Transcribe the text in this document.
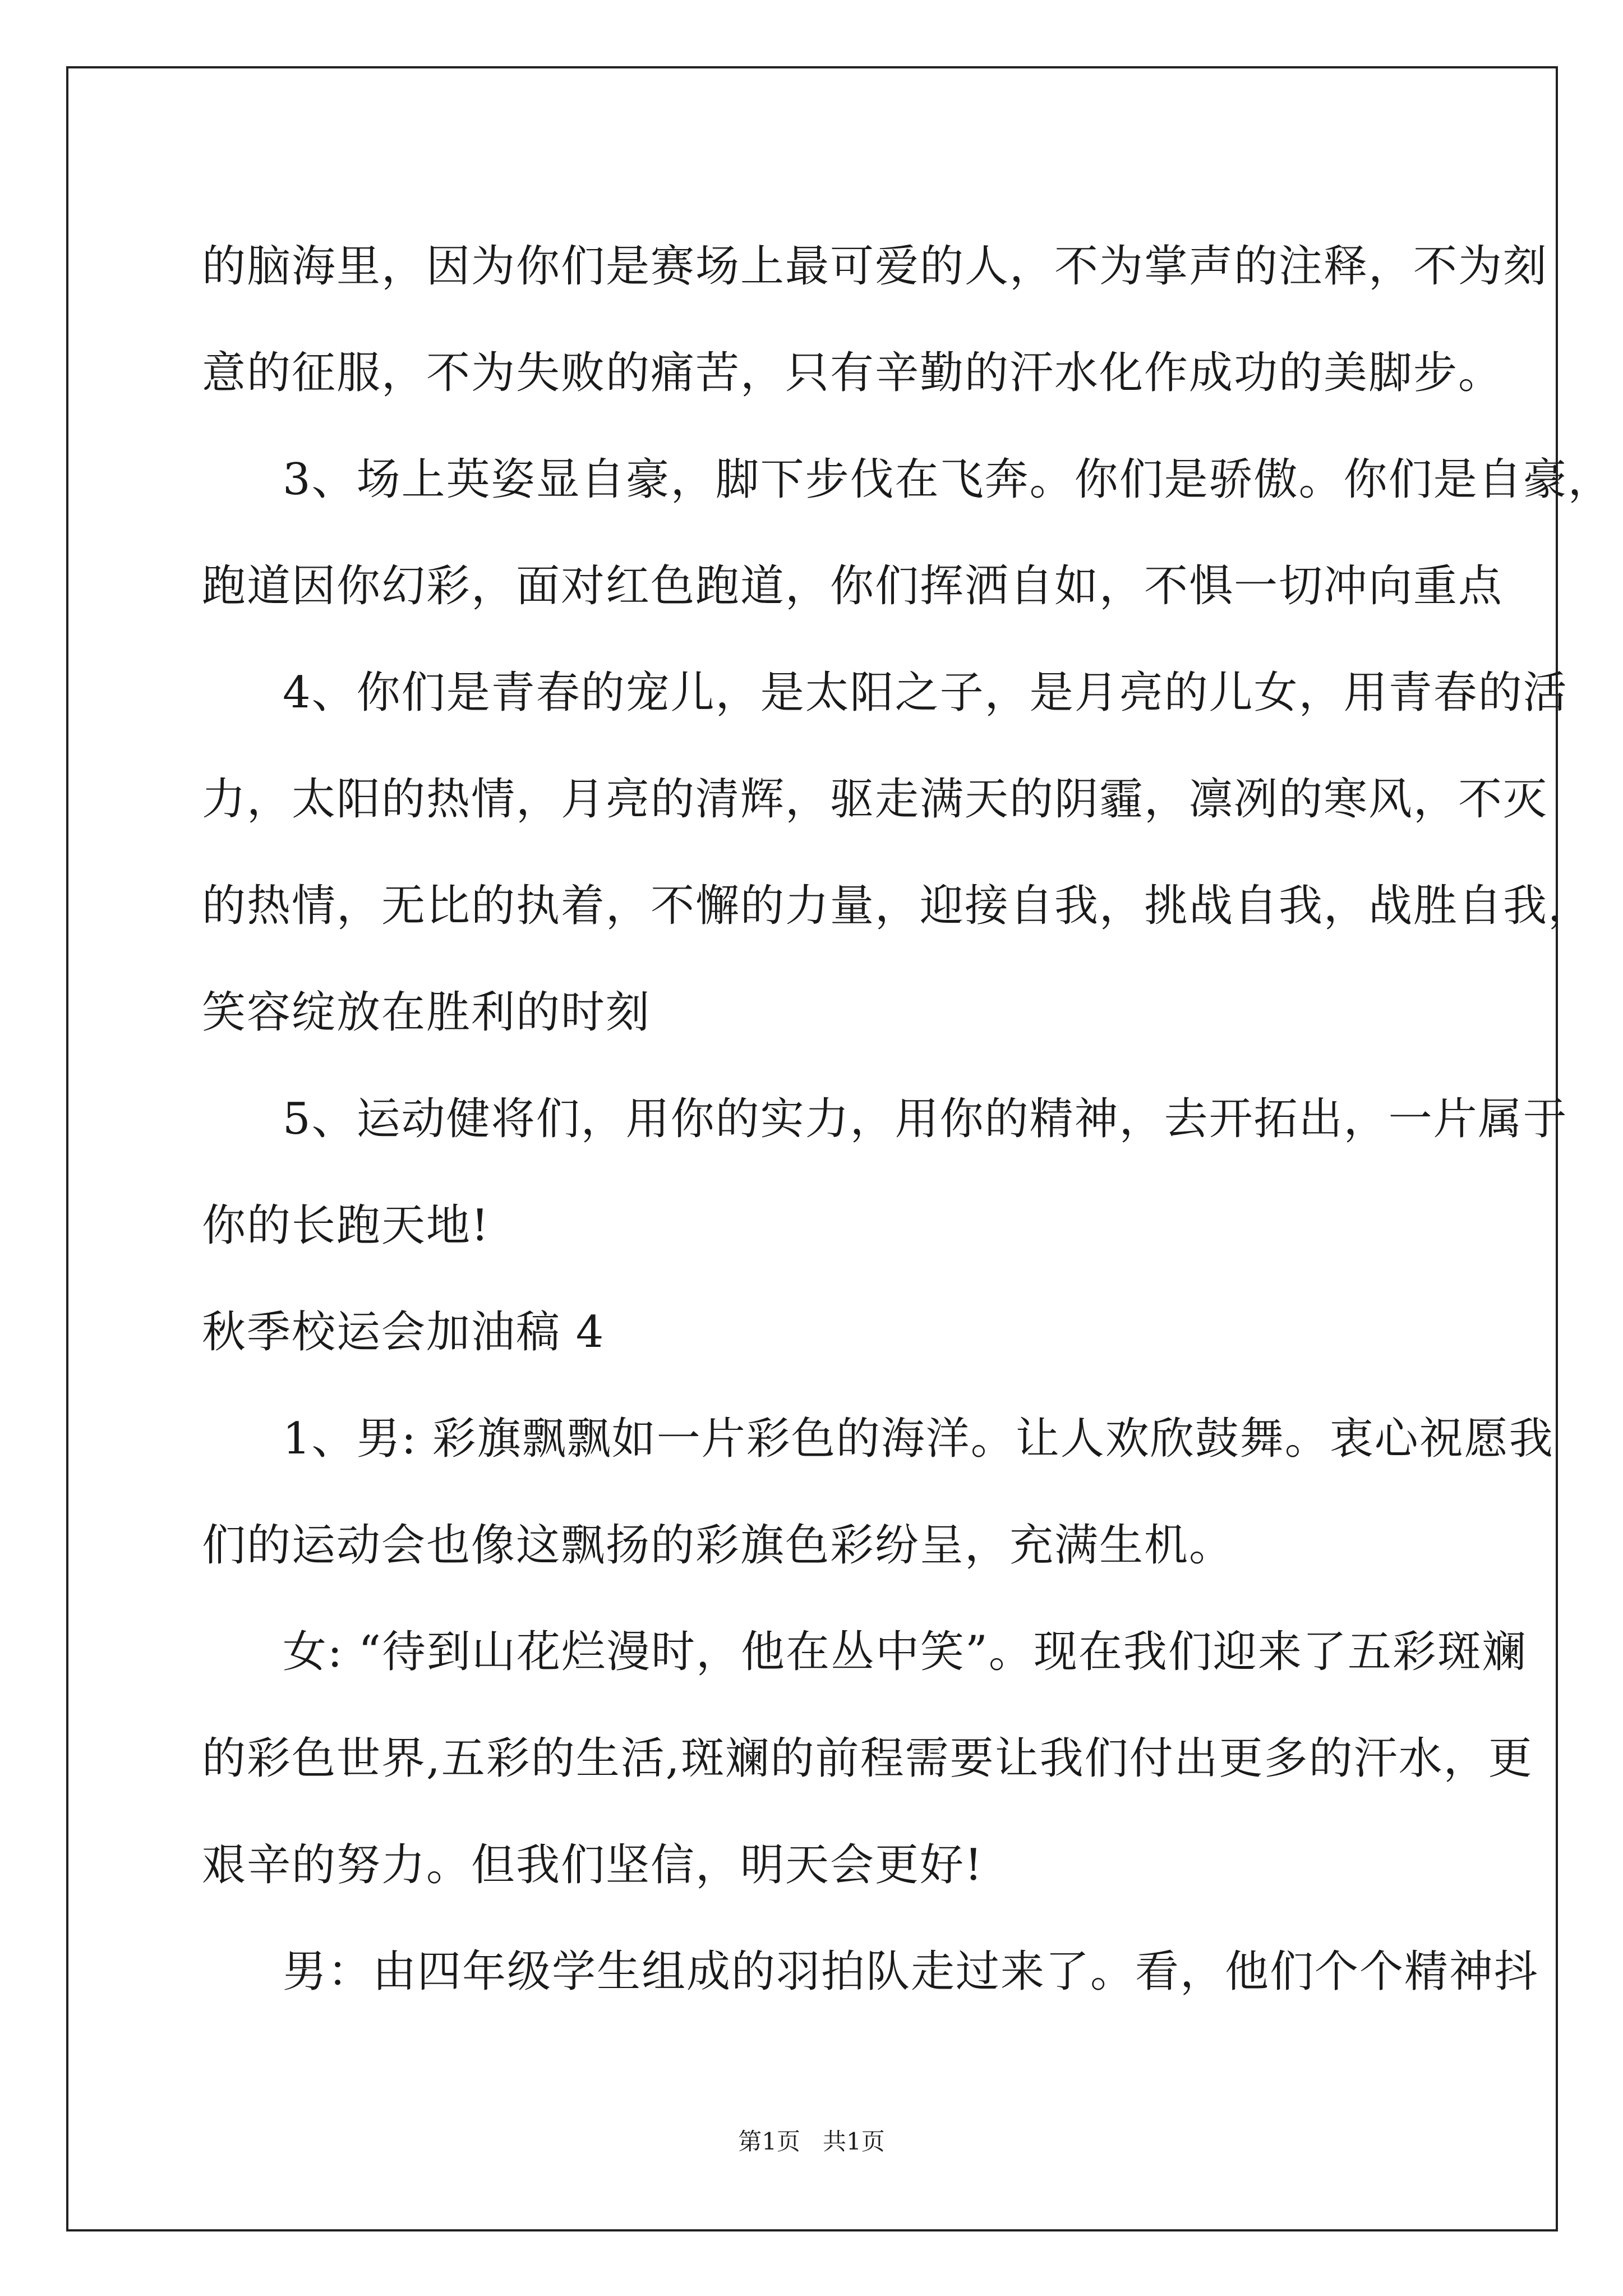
的脑海里，因为你们是赛场上最可爱的人，不为掌声的注释，不为刻
意的征服，不为失败的痛苦，只有辛勤的汗水化作成功的美脚步。
3、场上英姿显自豪，脚下步伐在飞奔。你们是骄傲。你们是自豪，
跑道因你幻彩，面对红色跑道，你们挥洒自如，不惧一切冲向重点
4、你们是青春的宠儿，是太阳之子，是月亮的儿女，用青春的活
力，太阳的热情，月亮的清辉，驱走满天的阴霾，凛冽的寒风，不灭
的热情，无比的执着，不懈的力量，迎接自我，挑战自我，战胜自我，
笑容绽放在胜利的时刻
5、运动健将们，用你的实力，用你的精神，去开拓出，一片属于
你的长跑天地!
秋季校运会加油稿 4
1、男: 彩旗飘飘如一片彩色的海洋。让人欢欣鼓舞。衷心祝愿我
们的运动会也像这飘扬的彩旗色彩纷呈，充满生机。
女: “待到山花烂漫时，他在丛中笑”。现在我们迎来了五彩斑斓
的彩色世界,五彩的生活,斑斓的前程需要让我们付出更多的汗水，更
艰辛的努力。但我们坚信，明天会更好!
男：由四年级学生组成的羽拍队走过来了。看，他们个个精神抖
第1页 共1页
